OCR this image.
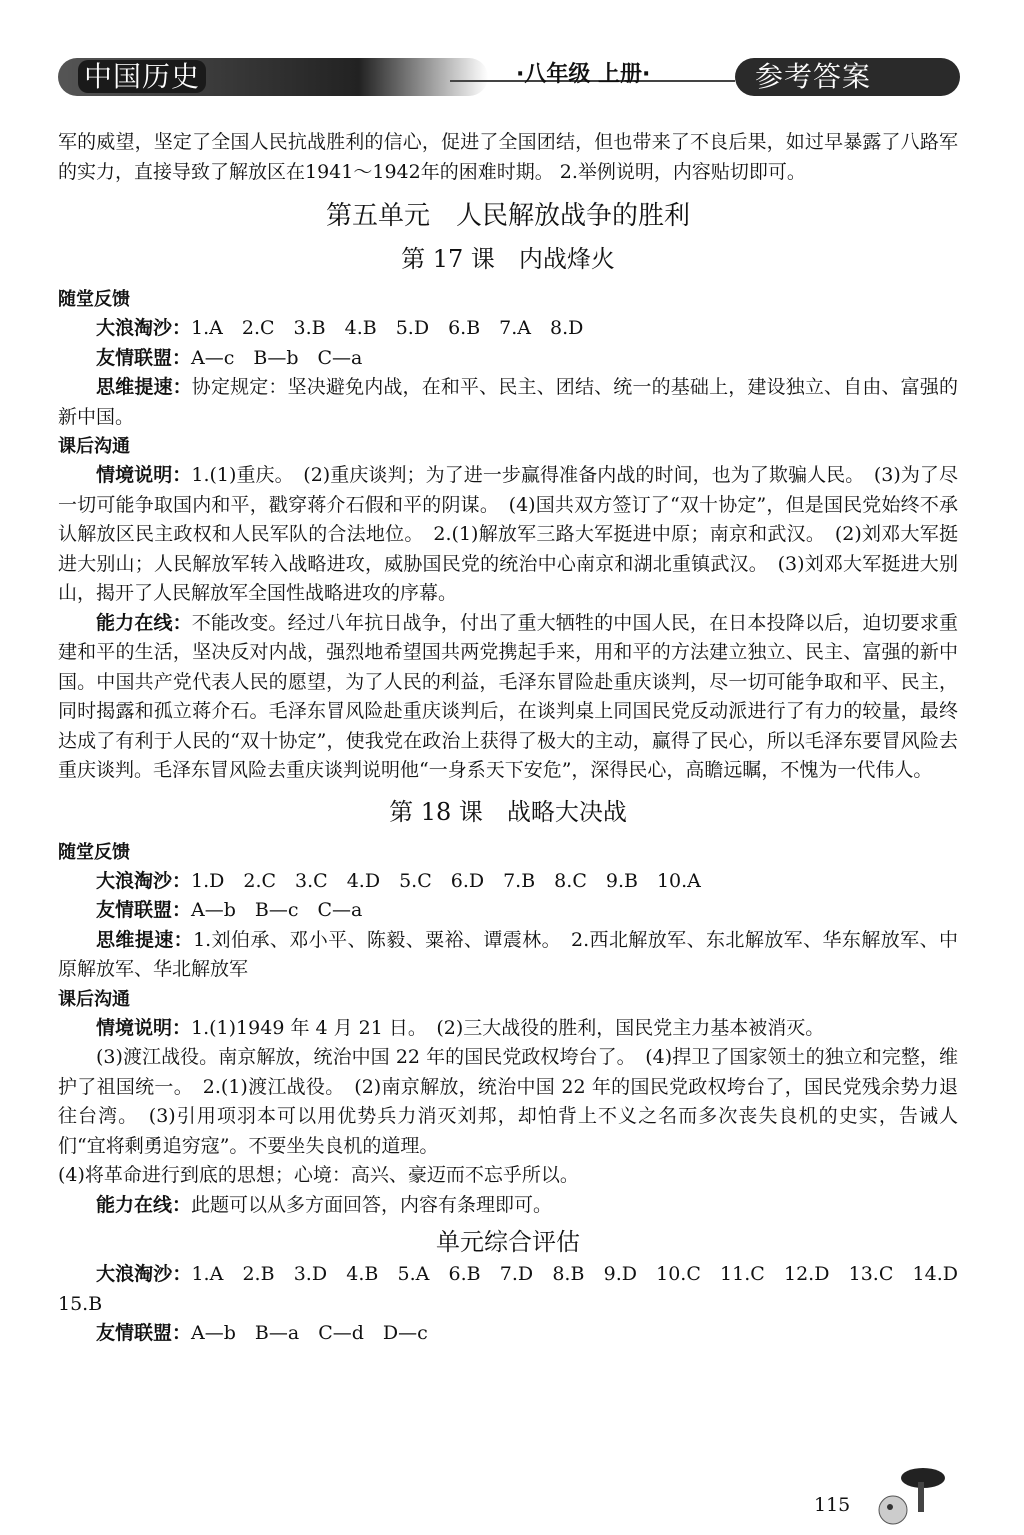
中国历史	·八年级 上册·	参考答案

军的威望，坚定了全国人民抗战胜利的信心，促进了全国团结，但也带来了不良后果，如过早暴露了八路军的实力，直接导致了解放区在1941～1942年的困难时期。 2.举例说明，内容贴切即可。

第五单元　人民解放战争的胜利
第 17 课　内战烽火
随堂反馈

大浪淘沙：1.A　2.C　3.B　4.B　5.D　6.B　7.A　8.D

友情联盟：A—c　B—b　C—a

思维提速：协定规定：坚决避免内战，在和平、民主、团结、统一的基础上，建设独立、自由、富强的新中国。

课后沟通

情境说明：1.(1)重庆。　(2)重庆谈判；为了进一步赢得准备内战的时间，也为了欺骗人民。　(3)为了尽一切可能争取国内和平，戳穿蒋介石假和平的阴谋。　(4)国共双方签订了“双十协定”，但是国民党始终不承认解放区民主政权和人民军队的合法地位。　2.(1)解放军三路大军挺进中原；南京和武汉。　(2)刘邓大军挺进大别山；人民解放军转入战略进攻，威胁国民党的统治中心南京和湖北重镇武汉。　(3)刘邓大军挺进大别山，揭开了人民解放军全国性战略进攻的序幕。

能力在线：不能改变。经过八年抗日战争，付出了重大牺牲的中国人民，在日本投降以后，迫切要求重建和平的生活，坚决反对内战，强烈地希望国共两党携起手来，用和平的方法建立独立、民主、富强的新中国。中国共产党代表人民的愿望，为了人民的利益，毛泽东冒险赴重庆谈判，尽一切可能争取和平、民主，同时揭露和孤立蒋介石。毛泽东冒风险赴重庆谈判后，在谈判桌上同国民党反动派进行了有力的较量，最终达成了有利于人民的“双十协定”，使我党在政治上获得了极大的主动，赢得了民心，所以毛泽东要冒风险去重庆谈判。毛泽东冒风险去重庆谈判说明他“一身系天下安危”，深得民心，高瞻远瞩，不愧为一代伟人。

第 18 课　战略大决战
随堂反馈

大浪淘沙：1.D　2.C　3.C　4.D　5.C　6.D　7.B　8.C　9.B　10.A

友情联盟：A—b　B—c　C—a

思维提速：1.刘伯承、邓小平、陈毅、粟裕、谭震林。　2.西北解放军、东北解放军、华东解放军、中原解放军、华北解放军

课后沟通

情境说明：1.(1)1949 年 4 月 21 日。　(2)三大战役的胜利，国民党主力基本被消灭。

(3)渡江战役。南京解放，统治中国 22 年的国民党政权垮台了。　(4)捍卫了国家领土的独立和完整，维护了祖国统一。　2.(1)渡江战役。　(2)南京解放，统治中国 22 年的国民党政权垮台了，国民党残余势力退往台湾。　(3)引用项羽本可以用优势兵力消灭刘邦，却怕背上不义之名而多次丧失良机的史实，告诫人们“宜将剩勇追穷寇”。不要坐失良机的道理。

(4)将革命进行到底的思想；心境：高兴、豪迈而不忘乎所以。

能力在线：此题可以从多方面回答，内容有条理即可。

单元综合评估

大浪淘沙：1.A　2.B　3.D　4.B　5.A　6.B　7.D　8.B　9.D　10.C　11.C　12.D　13.C　14.D　15.B

友情联盟：A—b　B—a　C—d　D—c

115
